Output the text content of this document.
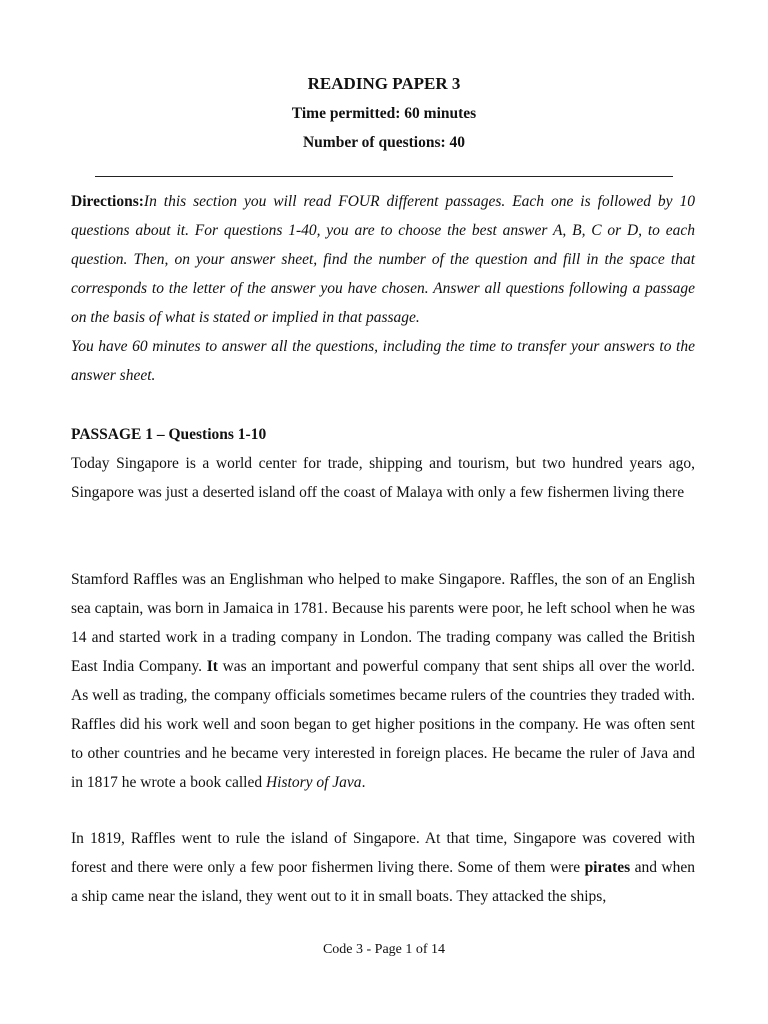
READING PAPER 3
Time permitted: 60 minutes
Number of questions: 40
Directions:In this section you will read FOUR different passages. Each one is followed by 10 questions about it. For questions 1-40, you are to choose the best answer A, B, C or D, to each question. Then, on your answer sheet, find the number of the question and fill in the space that corresponds to the letter of the answer you have chosen. Answer all questions following a passage on the basis of what is stated or implied in that passage.
You have 60 minutes to answer all the questions, including the time to transfer your answers to the answer sheet.
PASSAGE 1 – Questions 1-10
Today Singapore is a world center for trade, shipping and tourism, but two hundred years ago, Singapore was just a deserted island off the coast of Malaya with only a few fishermen living there
Stamford Raffles was an Englishman who helped to make Singapore. Raffles, the son of an English sea captain, was born in Jamaica in 1781. Because his parents were poor, he left school when he was 14 and started work in a trading company in London. The trading company was called the British East India Company. It was an important and powerful company that sent ships all over the world. As well as trading, the company officials sometimes became rulers of the countries they traded with. Raffles did his work well and soon began to get higher positions in the company. He was often sent to other countries and he became very interested in foreign places. He became the ruler of Java and in 1817 he wrote a book called History of Java.
In 1819, Raffles went to rule the island of Singapore. At that time, Singapore was covered with forest and there were only a few poor fishermen living there. Some of them were pirates and when a ship came near the island, they went out to it in small boats. They attacked the ships,
Code 3 - Page 1 of 14
